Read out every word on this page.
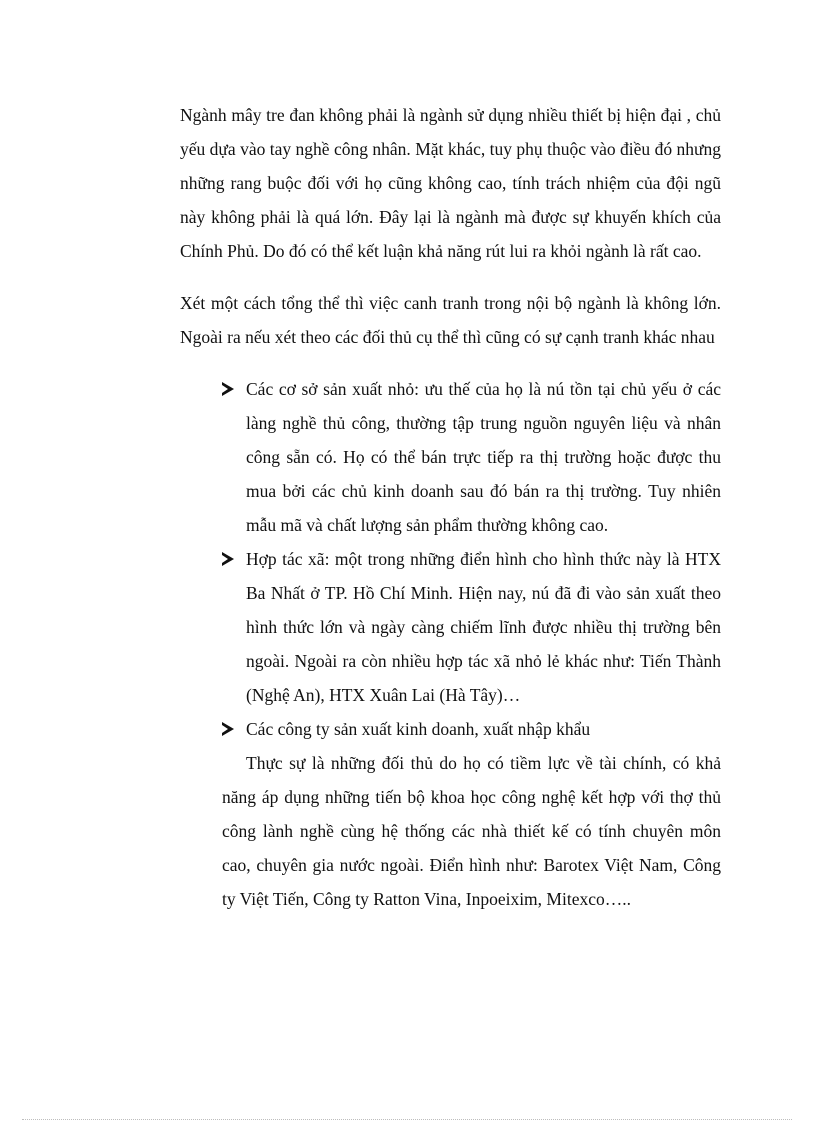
Ngành mây tre đan không phải là ngành sử dụng nhiều thiết bị hiện đại , chủ yếu dựa vào tay nghề công nhân. Mặt khác, tuy phụ thuộc vào điều đó nhưng những rang buộc đối với họ cũng không cao, tính trách nhiệm của đội ngũ này không phải là quá lớn. Đây lại là ngành mà được sự khuyến khích của Chính Phủ. Do đó có thể kết luận khả năng rút lui ra khỏi ngành là rất cao.

Xét một cách tổng thể thì việc canh tranh trong nội bộ ngành là không lớn. Ngoài ra nếu xét theo các đối thủ cụ thể thì cũng có sự cạnh tranh khác nhau

Các cơ sở sản xuất nhỏ: ưu thế của họ là nú tồn tại chủ yếu ở các làng nghề thủ công, thường tập trung nguồn nguyên liệu và nhân công sẵn có. Họ có thể bán trực tiếp ra thị trường hoặc được thu mua bởi các chủ kinh doanh sau đó bán ra thị trường. Tuy nhiên mẫu mã và chất lượng sản phẩm thường không cao.
Hợp tác xã: một trong những điển hình cho hình thức này là HTX Ba Nhất ở TP. Hồ Chí Minh. Hiện nay, nú đã đi vào sản xuất theo hình thức lớn và ngày càng chiếm lĩnh được nhiều thị trường bên ngoài. Ngoài ra còn nhiều hợp tác xã nhỏ lẻ khác như: Tiến Thành (Nghệ An), HTX Xuân Lai (Hà Tây)…
Các công ty sản xuất kinh doanh, xuất nhập khẩu

Thực sự là những đối thủ do họ có tiềm lực về tài chính, có khả năng áp dụng những tiến bộ khoa học công nghệ kết hợp với thợ thủ công lành nghề cùng hệ thống các nhà thiết kế có tính chuyên môn cao, chuyên gia nước ngoài. Điển hình như: Barotex Việt Nam, Công ty Việt Tiến, Công ty Ratton Vina, Inpoeixim, Mitexco…..
